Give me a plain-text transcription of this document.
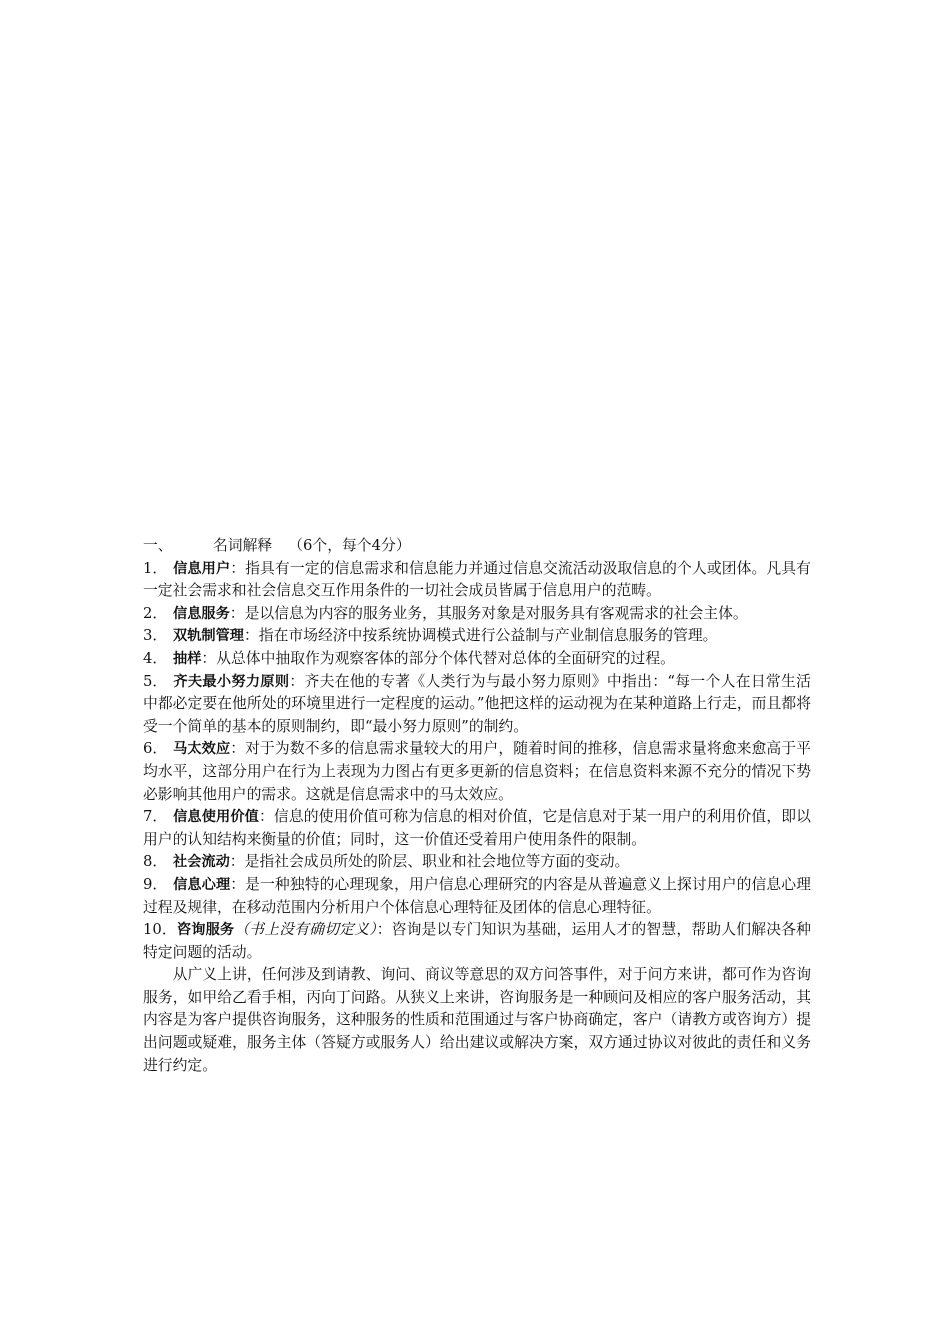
一、	名词解释 （6个，每个4分）

1． 信息用户：指具有一定的信息需求和信息能力并通过信息交流活动汲取信息的个人或团体。凡具有一定社会需求和社会信息交互作用条件的一切社会成员皆属于信息用户的范畴。

2． 信息服务：是以信息为内容的服务业务，其服务对象是对服务具有客观需求的社会主体。

3． 双轨制管理：指在市场经济中按系统协调模式进行公益制与产业制信息服务的管理。

4． 抽样：从总体中抽取作为观察客体的部分个体代替对总体的全面研究的过程。

5． 齐夫最小努力原则：齐夫在他的专著《人类行为与最小努力原则》中指出：“每一个人在日常生活中都必定要在他所处的环境里进行一定程度的运动。”他把这样的运动视为在某种道路上行走，而且都将受一个简单的基本的原则制约，即“最小努力原则”的制约。

6． 马太效应：对于为数不多的信息需求量较大的用户，随着时间的推移，信息需求量将愈来愈高于平均水平，这部分用户在行为上表现为力图占有更多更新的信息资料；在信息资料来源不充分的情况下势必影响其他用户的需求。这就是信息需求中的马太效应。

7． 信息使用价值：信息的使用价值可称为信息的相对价值，它是信息对于某一用户的利用价值，即以用户的认知结构来衡量的价值；同时，这一价值还受着用户使用条件的限制。

8． 社会流动：是指社会成员所处的阶层、职业和社会地位等方面的变动。

9． 信息心理：是一种独特的心理现象，用户信息心理研究的内容是从普遍意义上探讨用户的信息心理过程及规律，在移动范围内分析用户个体信息心理特征及团体的信息心理特征。

10．咨询服务（书上没有确切定义）：咨询是以专门知识为基础，运用人才的智慧，帮助人们解决各种特定问题的活动。

从广义上讲，任何涉及到请教、询问、商议等意思的双方问答事件，对于问方来讲，都可作为咨询服务，如甲给乙看手相，丙向丁问路。从狭义上来讲，咨询服务是一种顾问及相应的客户服务活动，其内容是为客户提供咨询服务，这种服务的性质和范围通过与客户协商确定，客户（请教方或咨询方）提出问题或疑难，服务主体（答疑方或服务人）给出建议或解决方案，双方通过协议对彼此的责任和义务进行约定。
